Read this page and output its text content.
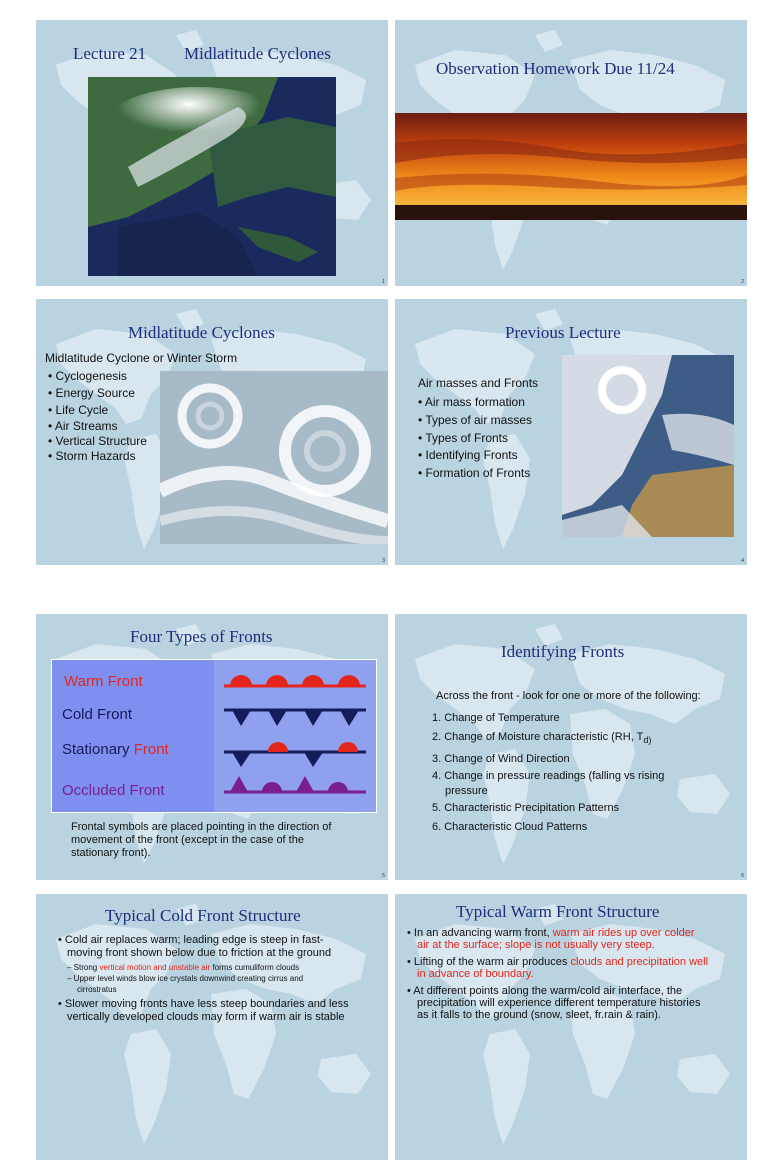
Lecture 21 Midlatitude Cyclones
1
Observation Homework Due 11/24
2
Midlatitude Cyclones
Midlatitude Cyclone or Winter Storm
• Cyclogenesis
• Energy Source
• Life Cycle
• Air Streams
• Vertical Structure
• Storm Hazards
3
Previous Lecture
Air masses and Fronts
• Air mass formation
• Types of air masses
• Types of Fronts
• Identifying Fronts
• Formation of Fronts
4
Four Types of Fronts
Warm Front
Cold Front
Stationary Front
Occluded Front
Frontal symbols are placed pointing in the direction of
movement of the front (except in the case of the
stationary front).
5
Identifying Fronts
Across the front - look for one or more of the following:
1. Change of Temperature
2. Change of Moisture characteristic (RH, $T_{d)}$
3. Change of Wind Direction
4. Change in pressure readings (falling vs rising
pressure
5. Characteristic Precipitation Patterns
6. Characteristic Cloud Patterns
6
Typical Cold Front Structure
• Cold air replaces warm; leading edge is steep in fast-
moving front shown below due to friction at the ground
– Strong vertical motion and unstable air forms cumuliform clouds
– Upper level winds blow ice crystals downwind creating cirrus and
cirrostratus
• Slower moving fronts have less steep boundaries and less
vertically developed clouds may form if warm air is stable
Typical Warm Front Structure
• In an advancing warm front, warm air rides up over colder
air at the surface; slope is not usually very steep.
• Lifting of the warm air produces clouds and precipitation well
in advance of boundary.
• At different points along the warm/cold air interface, the
precipitation will experience different temperature histories
as it falls to the ground (snow, sleet, fr.rain & rain).
